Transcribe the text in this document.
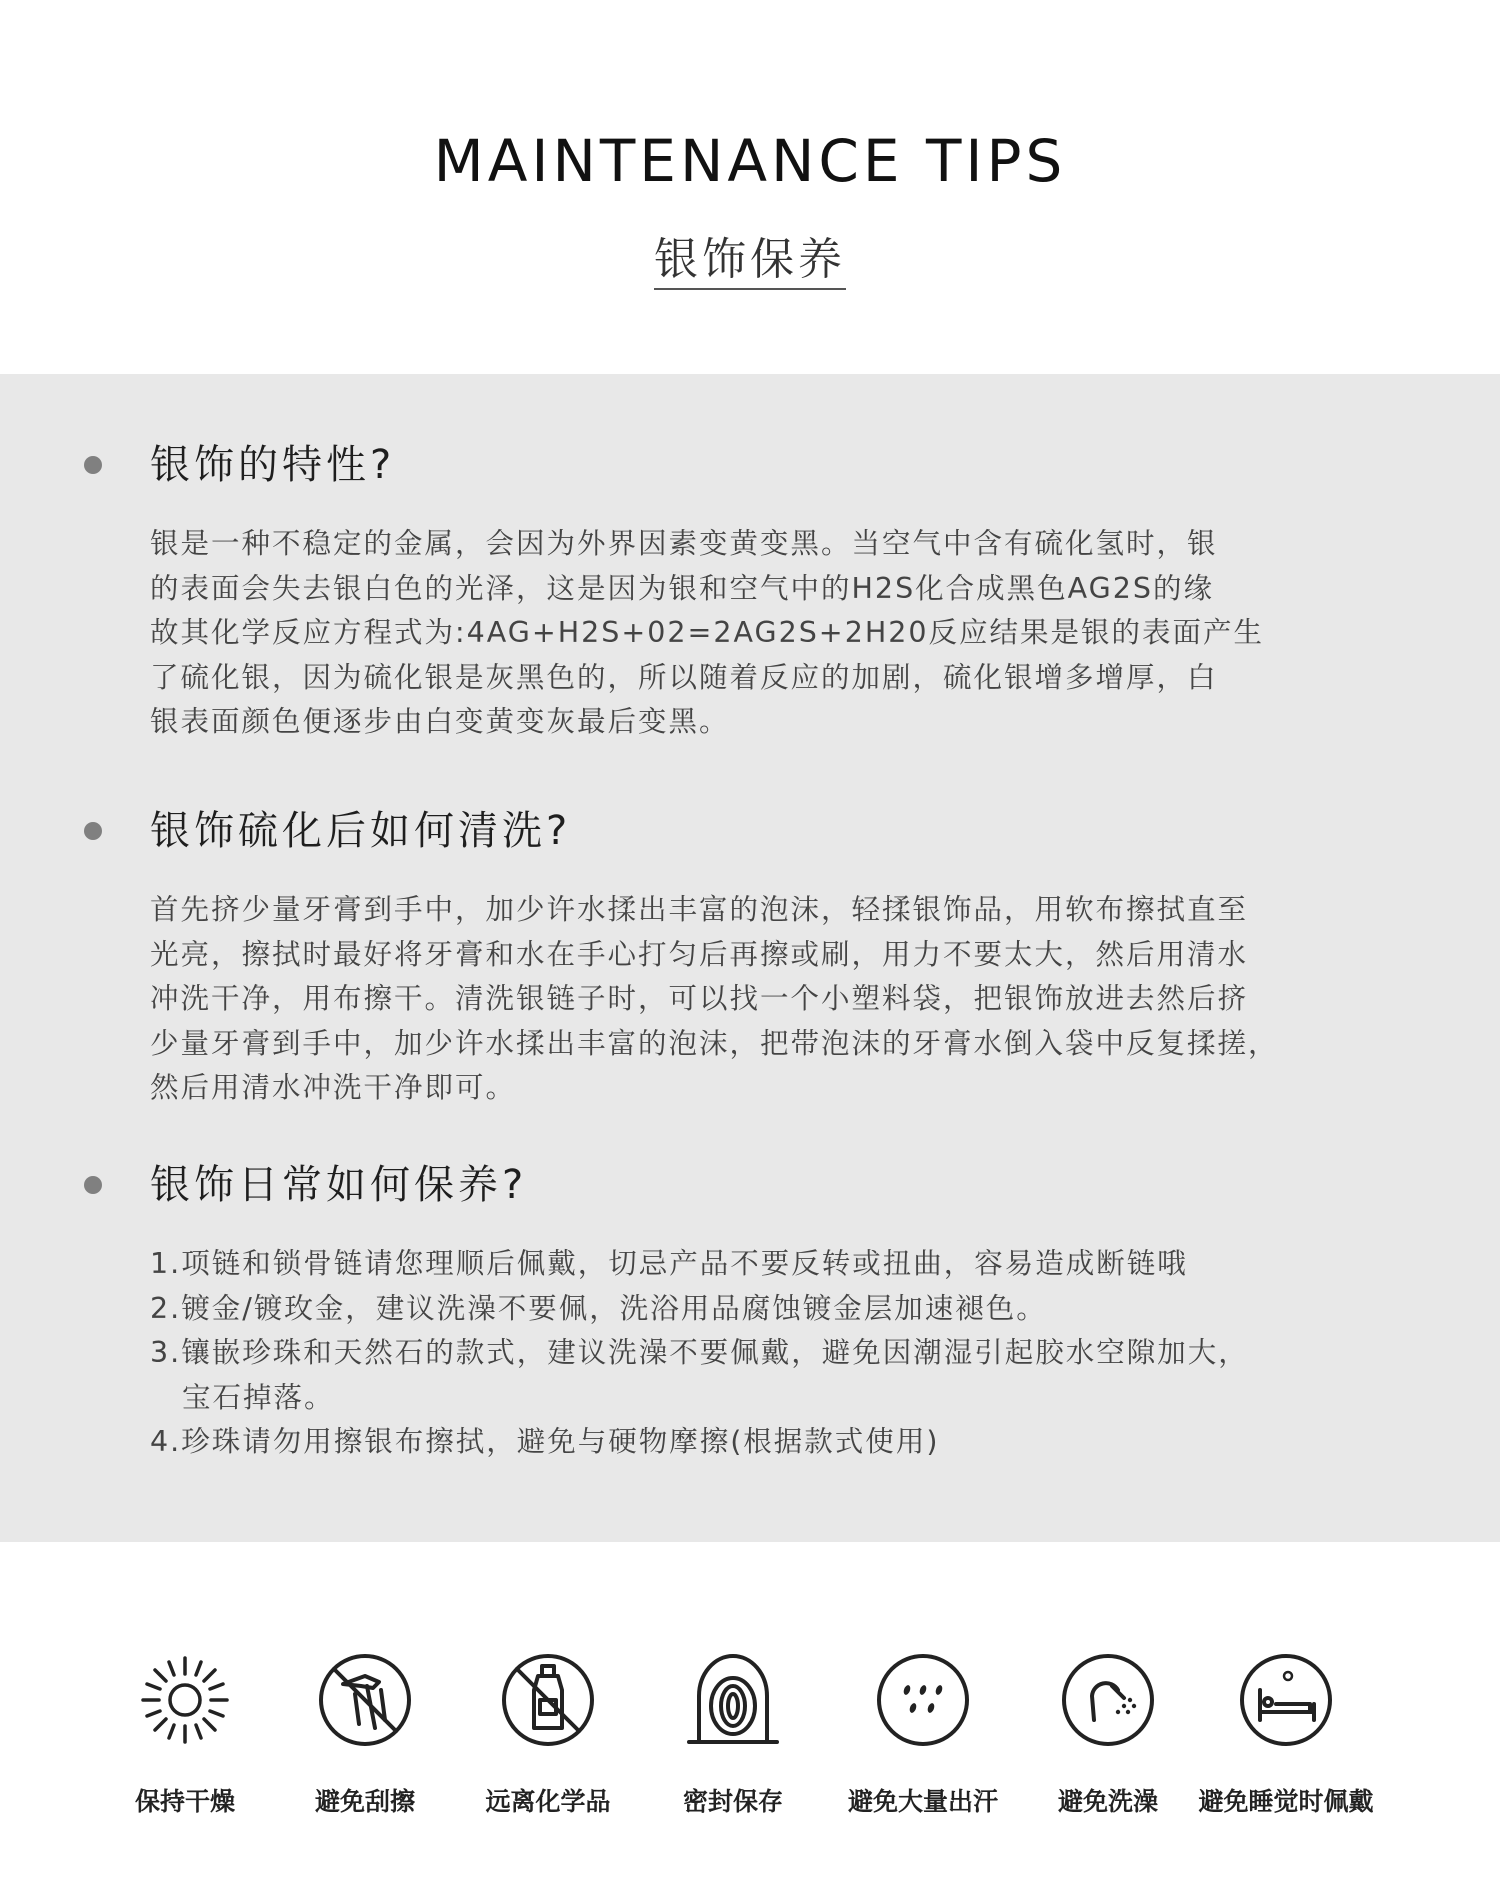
MAINTENANCE TIPS
银饰保养
银饰的特性?
银是一种不稳定的金属，会因为外界因素变黄变黑。当空气中含有硫化氢时，银
的表面会失去银白色的光泽，这是因为银和空气中的H2S化合成黑色AG2S的缘
故其化学反应方程式为:4AG+H2S+02=2AG2S+2H20反应结果是银的表面产生
了硫化银，因为硫化银是灰黑色的，所以随着反应的加剧，硫化银增多增厚，白
银表面颜色便逐步由白变黄变灰最后变黑。
银饰硫化后如何清洗?
首先挤少量牙膏到手中，加少许水揉出丰富的泡沫，轻揉银饰品，用软布擦拭直至
光亮，擦拭时最好将牙膏和水在手心打匀后再擦或刷，用力不要太大，然后用清水
冲洗干净，用布擦干。清洗银链子时，可以找一个小塑料袋，把银饰放进去然后挤
少量牙膏到手中，加少许水揉出丰富的泡沫，把带泡沫的牙膏水倒入袋中反复揉搓，
然后用清水冲洗干净即可。
银饰日常如何保养?
1.项链和锁骨链请您理顺后佩戴，切忌产品不要反转或扭曲，容易造成断链哦
2.镀金/镀玫金，建议洗澡不要佩，洗浴用品腐蚀镀金层加速褪色。
3.镶嵌珍珠和天然石的款式，建议洗澡不要佩戴，避免因潮湿引起胶水空隙加大，
宝石掉落。
4.珍珠请勿用擦银布擦拭，避免与硬物摩擦(根据款式使用)
保持干燥	避免刮擦	远离化学品	密封保存	避免大量出汗	避免洗澡	避免睡觉时佩戴
